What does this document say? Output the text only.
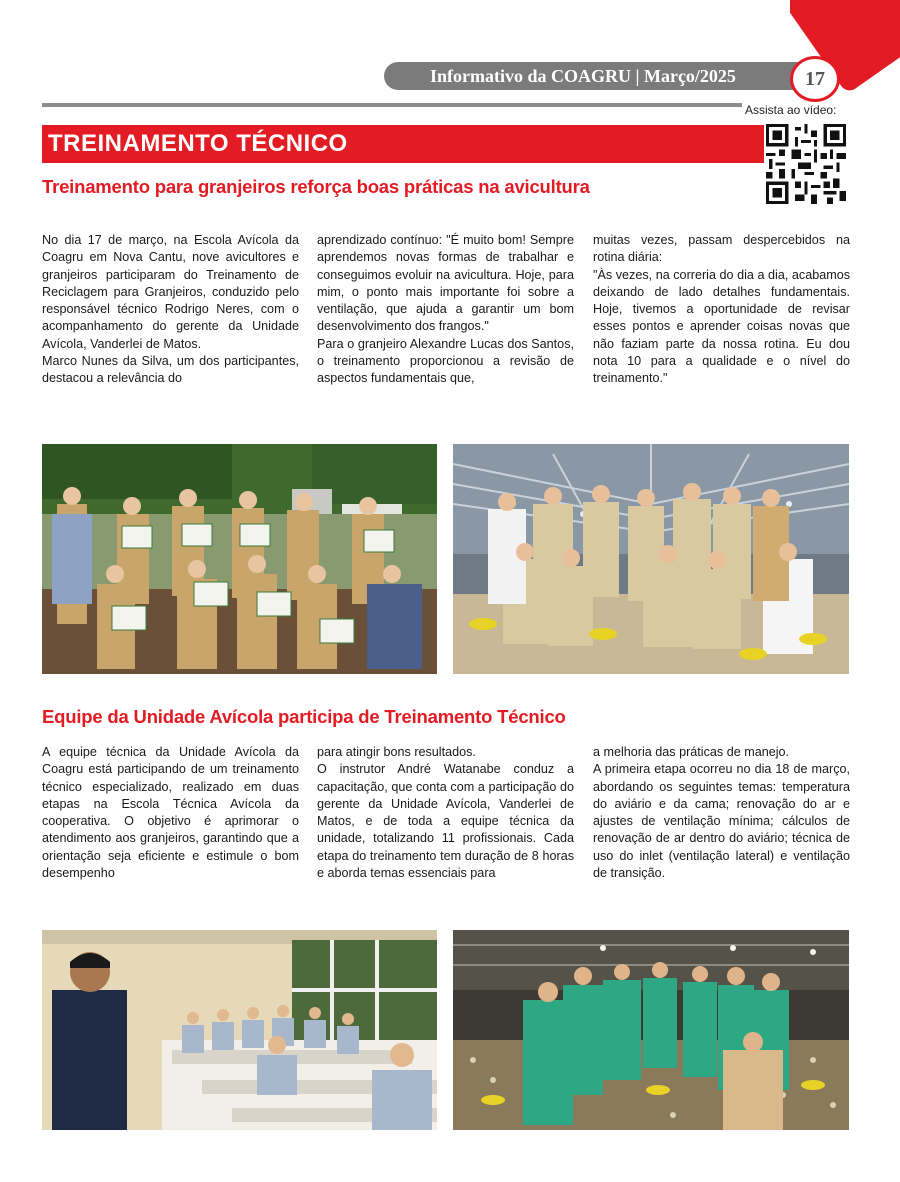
Informativo da COAGRU | Março/2025	17
Assista ao vídeo:
TREINAMENTO TÉCNICO
Treinamento para granjeiros reforça boas práticas na avicultura

No dia 17 de março, na Escola Avícola da Coagru em Nova Cantu, nove avicultores e granjeiros participaram do Treinamento de Reciclagem para Granjeiros, conduzido pelo responsável técnico Rodrigo Neres, com o acompanhamento do gerente da Unidade Avícola, Vanderlei de Matos.

Marco Nunes da Silva, um dos participantes, destacou a relevância do

aprendizado contínuo: "É muito bom! Sempre aprendemos novas formas de trabalhar e conseguimos evoluir na avicultura. Hoje, para mim, o ponto mais importante foi sobre a ventilação, que ajuda a garantir um bom desenvolvimento dos frangos."

Para o granjeiro Alexandre Lucas dos Santos, o treinamento proporcionou a revisão de aspectos fundamentais que,

muitas vezes, passam despercebidos na rotina diária:

"Às vezes, na correria do dia a dia, acabamos deixando de lado detalhes fundamentais. Hoje, tivemos a oportunidade de revisar esses pontos e aprender coisas novas que não faziam parte da nossa rotina. Eu dou nota 10 para a qualidade e o nível do treinamento."

Equipe da Unidade Avícola participa de Treinamento Técnico

A equipe técnica da Unidade Avícola da Coagru está participando de um treinamento técnico especializado, realizado em duas etapas na Escola Técnica Avícola da cooperativa. O objetivo é aprimorar o atendimento aos granjeiros, garantindo que a orientação seja eficiente e estimule o bom desempenho

para atingir bons resultados.

O instrutor André Watanabe conduz a capacitação, que conta com a participação do gerente da Unidade Avícola, Vanderlei de Matos, e de toda a equipe técnica da unidade, totalizando 11 profissionais. Cada etapa do treinamento tem duração de 8 horas e aborda temas essenciais para

a melhoria das práticas de manejo.

A primeira etapa ocorreu no dia 18 de março, abordando os seguintes temas: temperatura do aviário e da cama; renovação do ar e ajustes de ventilação mínima; cálculos de renovação de ar dentro do aviário; técnica de uso do inlet (ventilação lateral) e ventilação de transição.
